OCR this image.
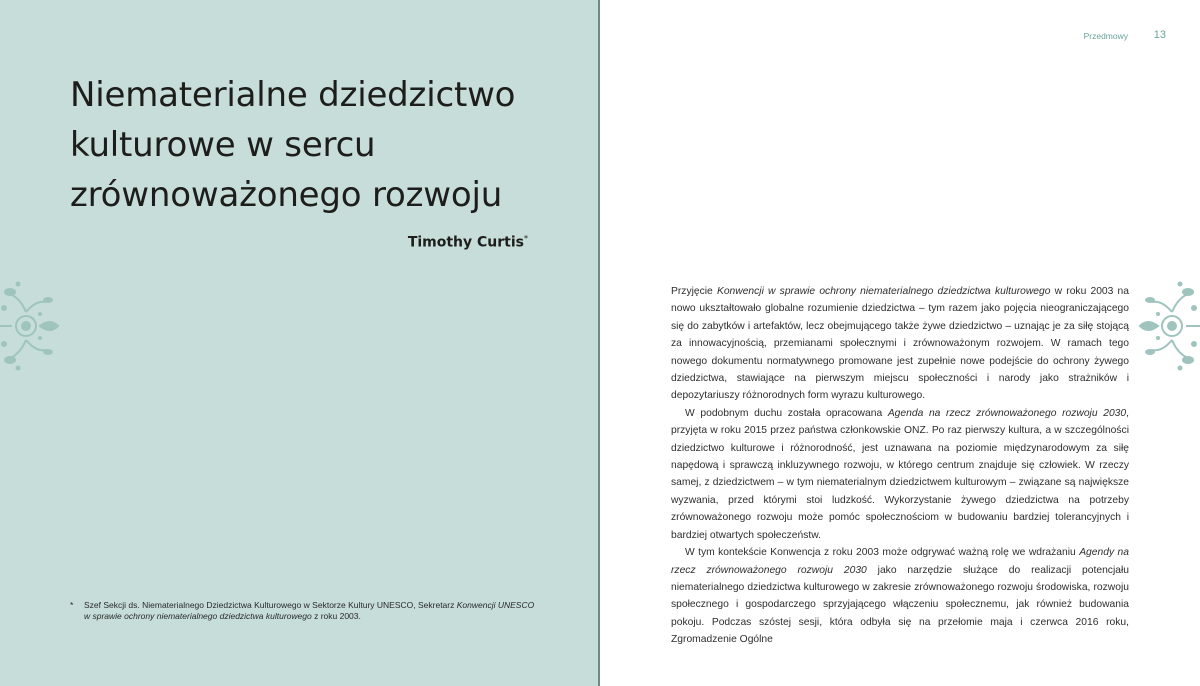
Niematerialne dziedzictwo
kulturowe w sercu
zrównoważonego rozwoju
Timothy Curtis*
* Szef Sekcji ds. Niematerialnego Dziedzictwa Kulturowego w Sektorze Kultury UNESCO, Sekretarz Konwencji UNESCO w sprawie ochrony niematerialnego dziedzictwa kulturowego z roku 2003.
Przedmowy 13

Przyjęcie Konwencji w sprawie ochrony niematerialnego dziedzictwa kulturowego w roku 2003 na nowo ukształtowało globalne rozumienie dziedzictwa – tym razem jako pojęcia nieograniczającego się do zabytków i artefaktów, lecz obejmującego także żywe dziedzictwo – uznając je za siłę stojącą za innowacyjnością, przemianami społecznymi i zrównoważonym rozwojem. W ramach tego nowego dokumentu normatywnego promowane jest zupełnie nowe podejście do ochrony żywego dziedzictwa, stawiające na pierwszym miejscu społeczności i narody jako strażników i depozytariuszy różnorodnych form wyrazu kulturowego.

W podobnym duchu została opracowana Agenda na rzecz zrównoważonego rozwoju 2030, przyjęta w roku 2015 przez państwa członkowskie ONZ. Po raz pierwszy kultura, a w szczególności dziedzictwo kulturowe i różnorodność, jest uznawana na poziomie międzynarodowym za siłę napędową i sprawczą inkluzywnego rozwoju, w którego centrum znajduje się człowiek. W rzeczy samej, z dziedzictwem – w tym niematerialnym dziedzictwem kulturowym – związane są największe wyzwania, przed którymi stoi ludzkość. Wykorzystanie żywego dziedzictwa na potrzeby zrównoważonego rozwoju może pomóc społecznościom w budowaniu bardziej tolerancyjnych i bardziej otwartych społeczeństw.

W tym kontekście Konwencja z roku 2003 może odgrywać ważną rolę we wdrażaniu Agendy na rzecz zrównoważonego rozwoju 2030 jako narzędzie służące do realizacji potencjału niematerialnego dziedzictwa kulturowego w zakresie zrównoważonego rozwoju środowiska, rozwoju społecznego i gospodarczego sprzyjającego włączeniu społecznemu, jak również budowania pokoju. Podczas szóstej sesji, która odbyła się na przełomie maja i czerwca 2016 roku, Zgromadzenie Ogólne
